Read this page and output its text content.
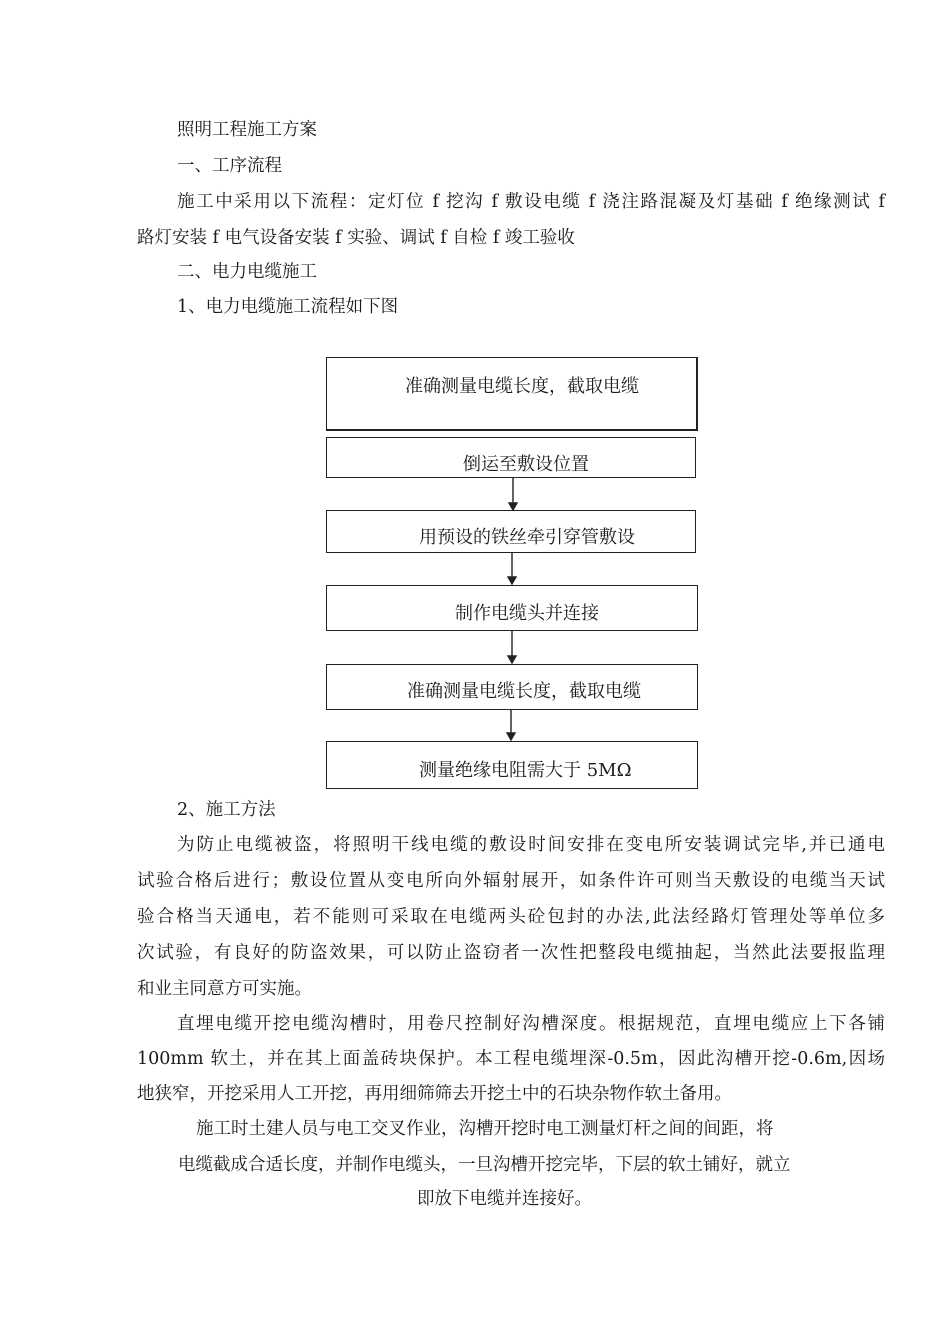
照明工程施工方案
一、工序流程
施工中采用以下流程：定灯位 f 挖沟 f 敷设电缆 f 浇注路混凝及灯基础 f 绝缘测试 f
路灯安装 f 电气设备安装 f 实验、调试 f 自检 f 竣工验收
二、电力电缆施工
1、电力电缆施工流程如下图
准确测量电缆长度，截取电缆
倒运至敷设位置
用预设的铁丝牵引穿管敷设
制作电缆头并连接
准确测量电缆长度，截取电缆
测量绝缘电阻需大于 5MΩ
2、施工方法
为防止电缆被盗，将照明干线电缆的敷设时间安排在变电所安装调试完毕,并已通电
试验合格后进行；敷设位置从变电所向外辐射展开，如条件许可则当天敷设的电缆当天试
验合格当天通电，若不能则可采取在电缆两头砼包封的办法,此法经路灯管理处等单位多
次试验，有良好的防盗效果，可以防止盗窃者一次性把整段电缆抽起，当然此法要报监理
和业主同意方可实施。
直埋电缆开挖电缆沟槽时，用卷尺控制好沟槽深度。根据规范，直埋电缆应上下各铺
100mm 软土，并在其上面盖砖块保护。本工程电缆埋深-0.5m，因此沟槽开挖-0.6m,因场
地狭窄，开挖采用人工开挖，再用细筛筛去开挖土中的石块杂物作软土备用。
施工时土建人员与电工交叉作业，沟槽开挖时电工测量灯杆之间的间距，将
电缆截成合适长度，并制作电缆头，一旦沟槽开挖完毕，下层的软土铺好，就立
即放下电缆并连接好。
